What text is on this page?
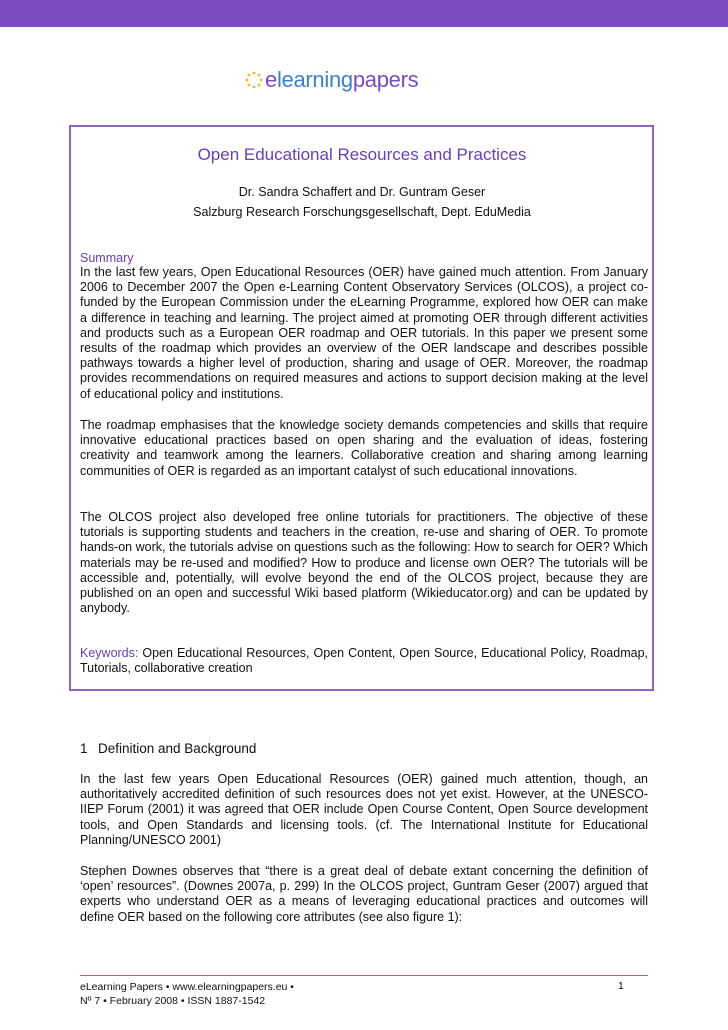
elearningpapers
Open Educational Resources and Practices
Dr. Sandra Schaffert and Dr. Guntram Geser
Salzburg Research Forschungsgesellschaft, Dept. EduMedia
Summary

In the last few years, Open Educational Resources (OER) have gained much attention. From January 2006 to December 2007 the Open e-Learning Content Observatory Services (OLCOS), a project co-funded by the European Commission under the eLearning Programme, explored how OER can make a difference in teaching and learning. The project aimed at promoting OER through different activities and products such as a European OER roadmap and OER tutorials. In this paper we present some results of the roadmap which provides an overview of the OER landscape and describes possible pathways towards a higher level of production, sharing and usage of OER. Moreover, the roadmap provides recommendations on required measures and actions to support decision making at the level of educational policy and institutions.

The roadmap emphasises that the knowledge society demands competencies and skills that require innovative educational practices based on open sharing and the evaluation of ideas, fostering creativity and teamwork among the learners. Collaborative creation and sharing among learning communities of OER is regarded as an important catalyst of such educational innovations.

The OLCOS project also developed free online tutorials for practitioners. The objective of these tutorials is supporting students and teachers in the creation, re-use and sharing of OER. To promote hands-on work, the tutorials advise on questions such as the following: How to search for OER? Which materials may be re-used and modified? How to produce and license own OER? The tutorials will be accessible and, potentially, will evolve beyond the end of the OLCOS project, because they are published on an open and successful Wiki based platform (Wikieducator.org) and can be updated by anybody.

Keywords: Open Educational Resources, Open Content, Open Source, Educational Policy, Roadmap, Tutorials, collaborative creation

1 Definition and Background

In the last few years Open Educational Resources (OER) gained much attention, though, an authoritatively accredited definition of such resources does not yet exist. However, at the UNESCO-IIEP Forum (2001) it was agreed that OER include Open Course Content, Open Source development tools, and Open Standards and licensing tools. (cf. The International Institute for Educational Planning/UNESCO 2001)

Stephen Downes observes that “there is a great deal of debate extant concerning the definition of ‘open’ resources”. (Downes 2007a, p. 299) In the OLCOS project, Guntram Geser (2007) argued that experts who understand OER as a means of leveraging educational practices and outcomes will define OER based on the following core attributes (see also figure 1):

eLearning Papers • www.elearningpapers.eu •
Nº 7 • February 2008 • ISSN 1887-1542
1
